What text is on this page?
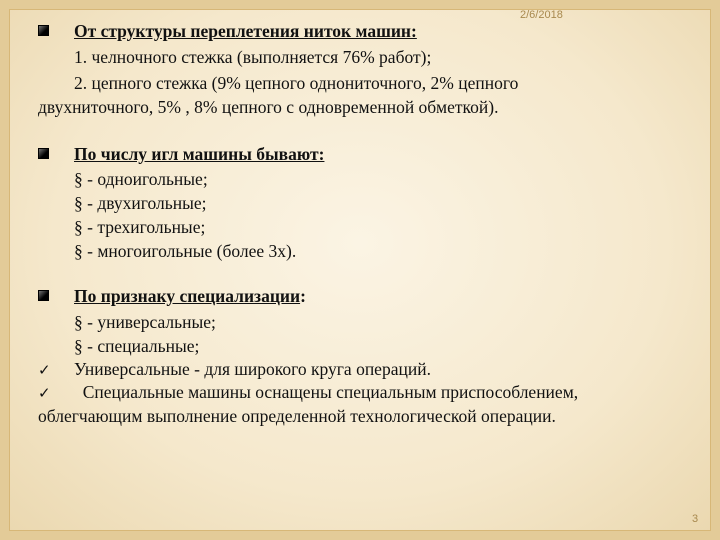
2/6/2018
От структуры переплетения ниток машин:
1. челночного стежка (выполняется 76% работ);
2. цепного стежка (9% цепного однониточного, 2% цепного
двухниточного, 5% , 8% цепного с одновременной обметкой).
По числу игл машины бывают:
§ - одноигольные;
§ - двухигольные;
§ - трехигольные;
§ - многоигольные (более 3х).
По признаку специализации:
§ - универсальные;
§ - специальные;
✓ Универсальные - для широкого круга операций.
✓ Специальные машины оснащены специальным приспособлением,
облегчающим выполнение определенной технологической операции.
3
